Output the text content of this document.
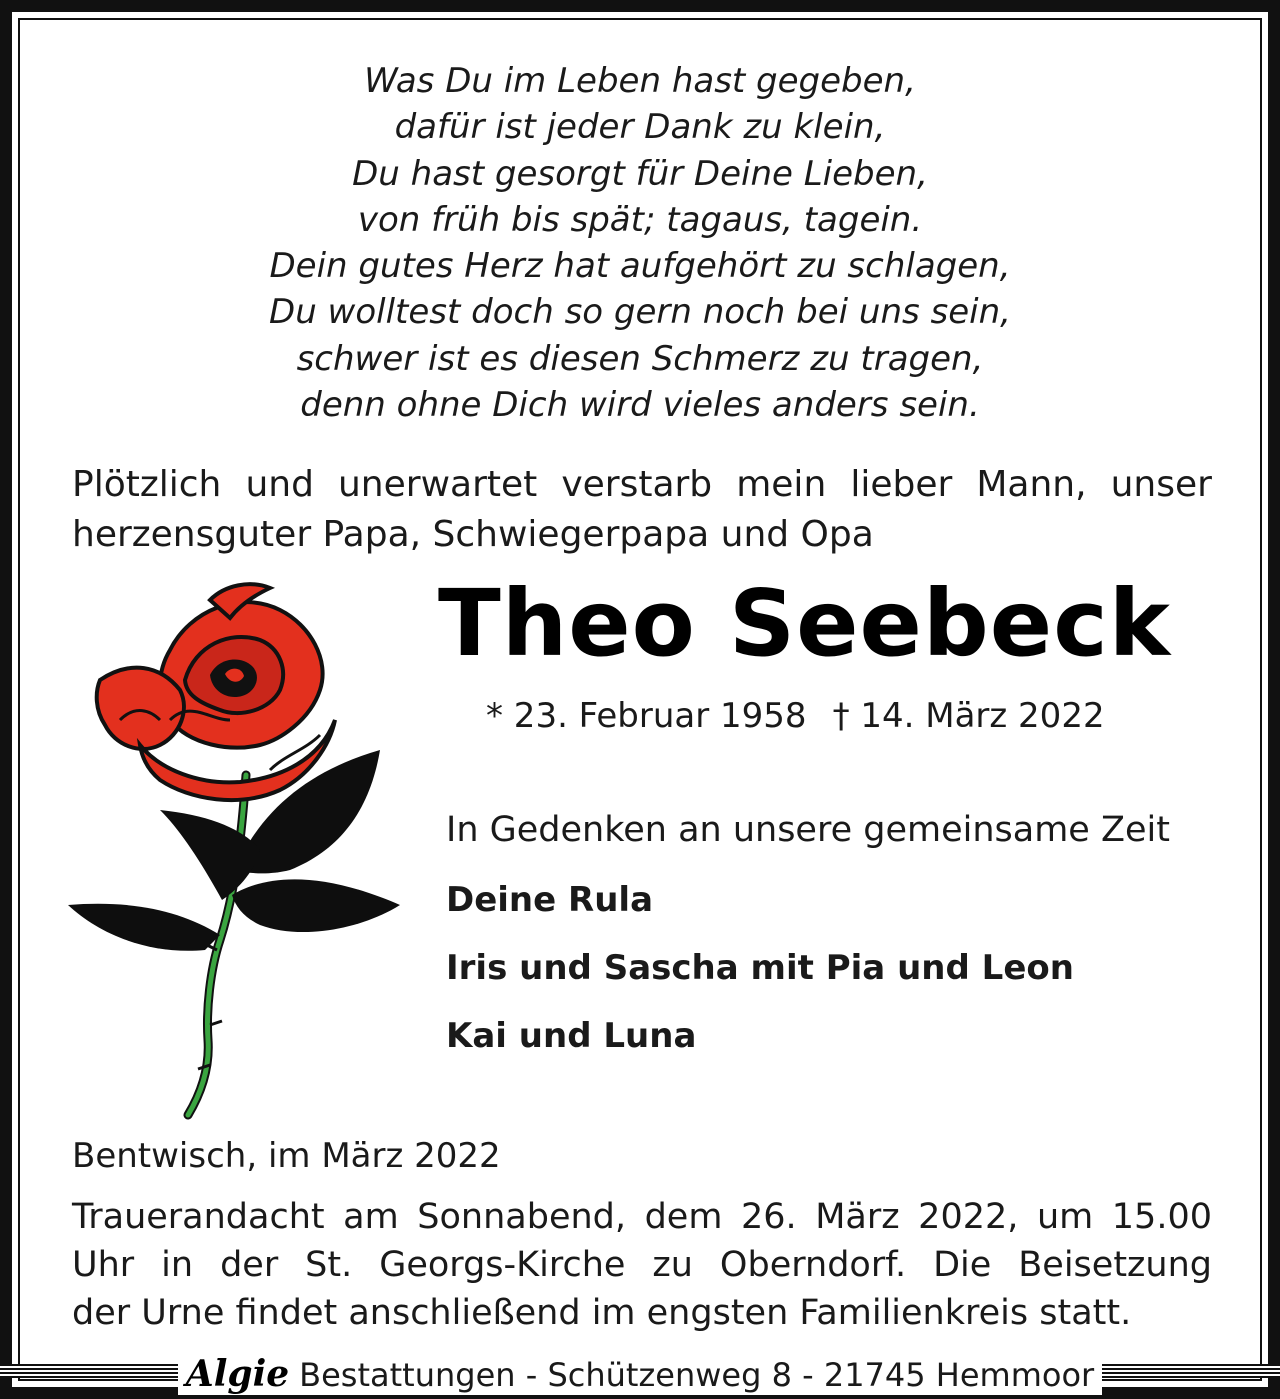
Was Du im Leben hast gegeben,
dafür ist jeder Dank zu klein,
Du hast gesorgt für Deine Lieben,
von früh bis spät; tagaus, tagein.
Dein gutes Herz hat aufgehört zu schlagen,
Du wolltest doch so gern noch bei uns sein,
schwer ist es diesen Schmerz zu tragen,
denn ohne Dich wird vieles anders sein.
Plötzlich und unerwartet verstarb mein lieber Mann, unser
herzensguter Papa, Schwiegerpapa und Opa
Theo Seebeck
* 23. Februar 1958 † 14. März 2022
In Gedenken an unsere gemeinsame Zeit
Deine Rula
Iris und Sascha mit Pia und Leon
Kai und Luna
Bentwisch, im März 2022
Trauerandacht am Sonnabend, dem 26. März 2022, um 15.00
Uhr in der St. Georgs-Kirche zu Oberndorf. Die Beisetzung
der Urne findet anschließend im engsten Familienkreis statt.
Algie Bestattungen - Schützenweg 8 - 21745 Hemmoor
